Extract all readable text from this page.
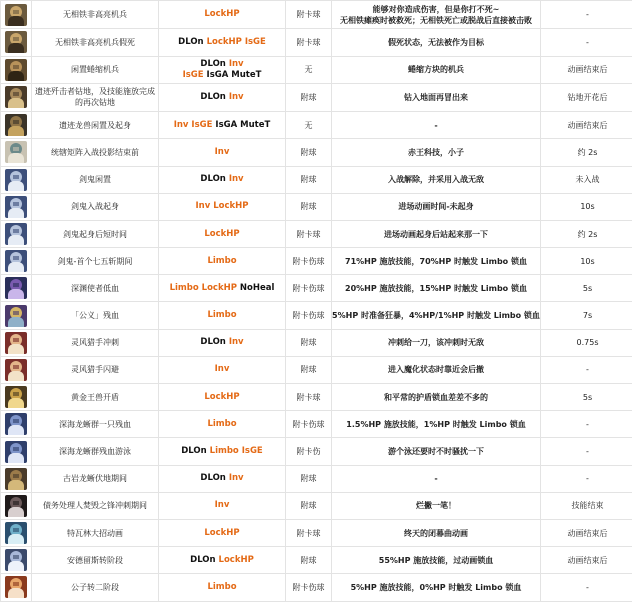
	无相铁非高亮机兵	LockHP	附卡球	能够对你造成伤害，但是你打不死~
无相铁瘫痪时被救死；无相铁死亡或脱战后直接被击败	-

	无相铁非高亮机兵假死	DLOn LockHP IsGE	附卡球	假死状态，无法被作为目标	-

	闲置蜷缩机兵	DLOn Inv
IsGE IsGA MuteT	无	蜷缩方块的机兵	动画结束后

	遗迹歼击者钻地，及技能施放完成的再次钻地	DLOn Inv	附球	钻入地面再冒出来	钻地开花后

	遗迹龙兽闲置及起身	Inv IsGE IsGA MuteT	无	-	动画结束后

	统辖矩阵入战投影结束前	Inv	附球	赤王科技，小子	约 2s

	剑鬼闲置	DLOn Inv	附球	入战解除，并采用入战无敌	未入战

	剑鬼入战起身	Inv LockHP	附球	进场动画时间-未起身	10s

	剑鬼起身后短时间	LockHP	附卡球	进场动画起身后站起来那一下	约 2s

	剑鬼-首个七五斩期间	Limbo	附卡伤球	71%HP 施放技能，70%HP 时触发 Limbo 锁血	10s

	深渊使者低血	Limbo LockHP NoHeal	附卡伤球	20%HP 施放技能，15%HP 时触发 Limbo 锁血	5s

	「公义」残血	Limbo	附卡伤球	5%HP 时准备狂暴，4%HP/1%HP 时触发 Limbo 锁血	7s

	灵风猎手冲刺	DLOn Inv	附球	冲刺给一刀，该冲刺时无敌	0.75s

	灵风猎手闪避	Inv	附球	进入魔化状态时靠近会后撤	-

	黄金王兽开盾	LockHP	附卡球	和平常的护盾锁血差差不多的	5s

	深海龙蜥群一只残血	Limbo	附卡伤球	1.5%HP 施放技能，1%HP 时触发 Limbo 锁血	-

	深海龙蜥群残血游泳	DLOn Limbo IsGE	附卡伤	游个泳还要时不时骚扰一下	-

	古岩龙蜥伏地期间	DLOn Inv	附球	-	-

	债务处理人焚毁之锋冲刺期间	Inv	附球	烂撇一笔！	技能结束

	特瓦林大招动画	LockHP	附卡球	终天的闭幕曲动画	动画结束后

	安德留斯转阶段	DLOn LockHP	附球	55%HP 施放技能，过动画锁血	动画结束后

	公子转二阶段	Limbo	附卡伤球	5%HP 施放技能，0%HP 时触发 Limbo 锁血	-
